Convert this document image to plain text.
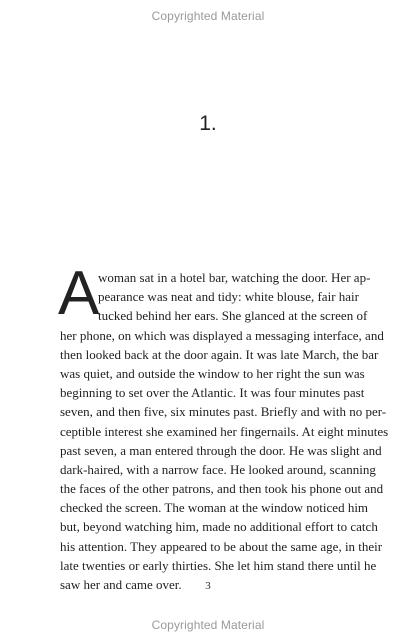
Copyrighted Material
1.
A
woman sat in a hotel bar, watching the door. Her ap-
pearance was neat and tidy: white blouse, fair hair
tucked behind her ears. She glanced at the screen of
her phone, on which was displayed a messaging interface, and
then looked back at the door again. It was late March, the bar
was quiet, and outside the window to her right the sun was
beginning to set over the Atlantic. It was four minutes past
seven, and then five, six minutes past. Briefly and with no per-
ceptible interest she examined her fingernails. At eight minutes
past seven, a man entered through the door. He was slight and
dark-haired, with a narrow face. He looked around, scanning
the faces of the other patrons, and then took his phone out and
checked the screen. The woman at the window noticed him
but, beyond watching him, made no additional effort to catch
his attention. They appeared to be about the same age, in their
late twenties or early thirties. She let him stand there until he
saw her and came over.	3
Copyrighted Material
